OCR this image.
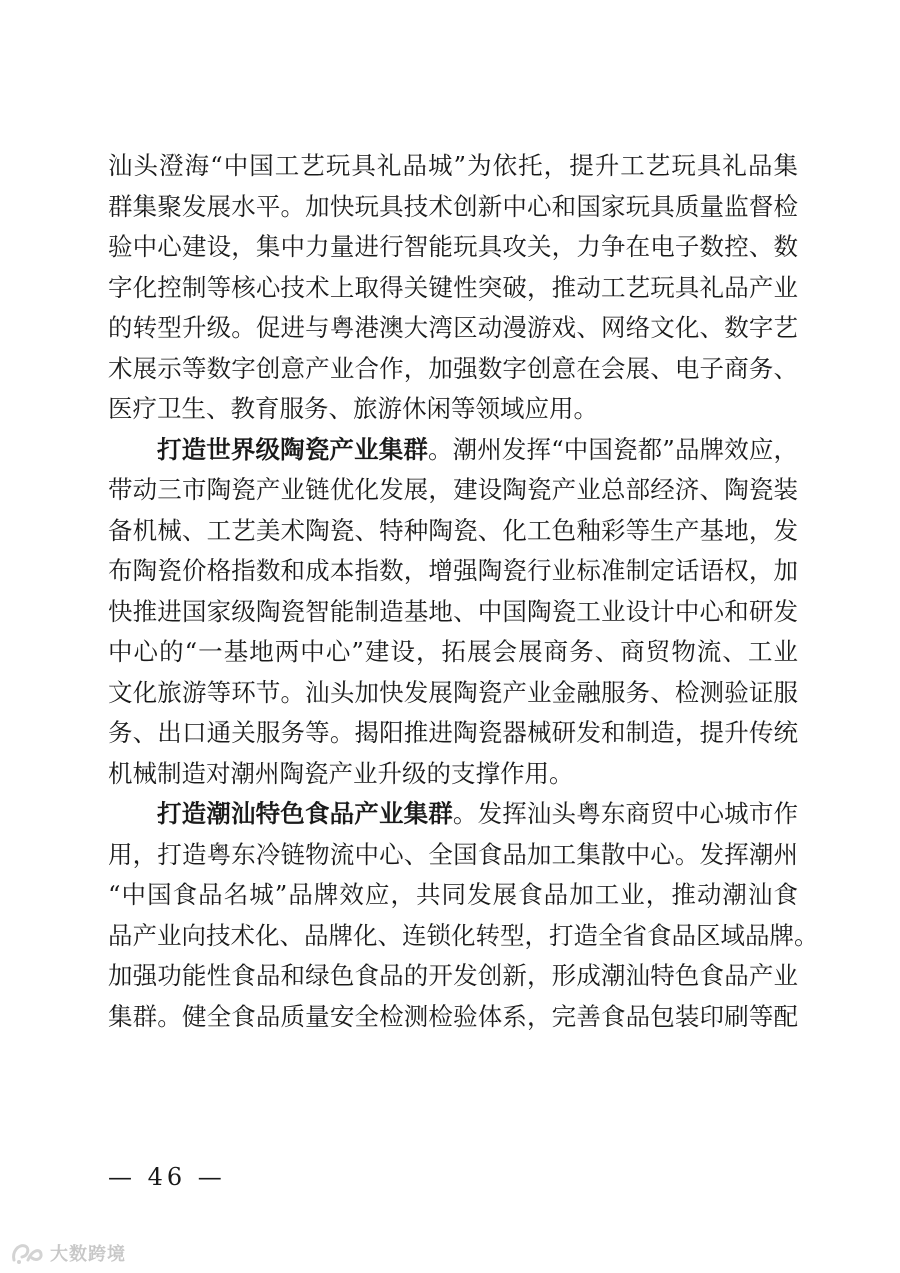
汕头澄海“中国工艺玩具礼品城”为依托，提升工艺玩具礼品集
群集聚发展水平。加快玩具技术创新中心和国家玩具质量监督检
验中心建设，集中力量进行智能玩具攻关，力争在电子数控、数
字化控制等核心技术上取得关键性突破，推动工艺玩具礼品产业
的转型升级。促进与粤港澳大湾区动漫游戏、网络文化、数字艺
术展示等数字创意产业合作，加强数字创意在会展、电子商务、
医疗卫生、教育服务、旅游休闲等领域应用。
打造世界级陶瓷产业集群。潮州发挥“中国瓷都”品牌效应，
带动三市陶瓷产业链优化发展，建设陶瓷产业总部经济、陶瓷装
备机械、工艺美术陶瓷、特种陶瓷、化工色釉彩等生产基地，发
布陶瓷价格指数和成本指数，增强陶瓷行业标准制定话语权，加
快推进国家级陶瓷智能制造基地、中国陶瓷工业设计中心和研发
中心的“一基地两中心”建设，拓展会展商务、商贸物流、工业
文化旅游等环节。汕头加快发展陶瓷产业金融服务、检测验证服
务、出口通关服务等。揭阳推进陶瓷器械研发和制造，提升传统
机械制造对潮州陶瓷产业升级的支撑作用。
打造潮汕特色食品产业集群。发挥汕头粤东商贸中心城市作
用，打造粤东冷链物流中心、全国食品加工集散中心。发挥潮州
“中国食品名城”品牌效应，共同发展食品加工业，推动潮汕食
品产业向技术化、品牌化、连锁化转型，打造全省食品区域品牌。
加强功能性食品和绿色食品的开发创新，形成潮汕特色食品产业
集群。健全食品质量安全检测检验体系，完善食品包装印刷等配
— 46 —
大数跨境
